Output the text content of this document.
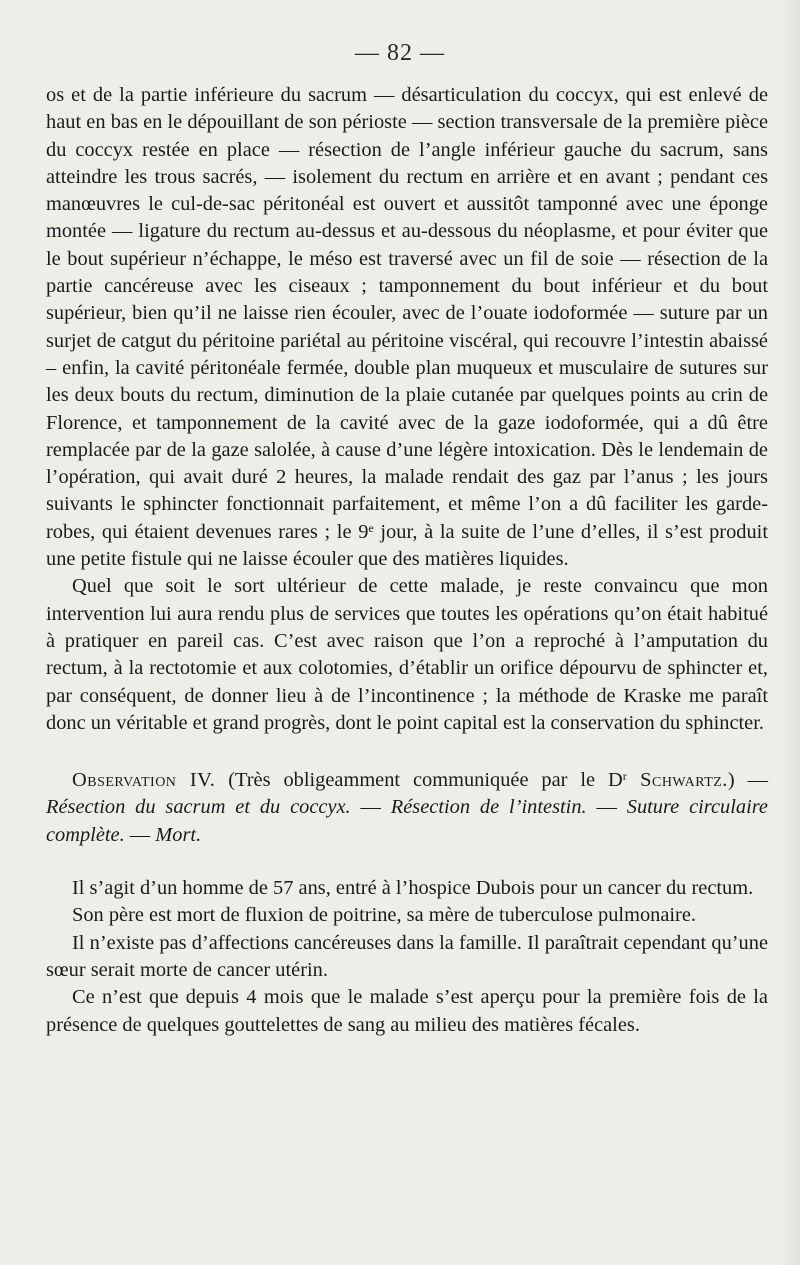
— 82 —

os et de la partie inférieure du sacrum — désarticulation du coccyx, qui est enlevé de haut en bas en le dépouillant de son périoste — section transversale de la première pièce du coccyx restée en place — résection de l’angle inférieur gauche du sacrum, sans atteindre les trous sacrés, — isolement du rectum en arrière et en avant ; pendant ces manœuvres le cul-de-sac péritonéal est ouvert et aussitôt tamponné avec une éponge montée — ligature du rectum au-dessus et au-dessous du néoplasme, et pour éviter que le bout supérieur n’échappe, le méso est traversé avec un fil de soie — résection de la partie cancéreuse avec les ciseaux ; tamponnement du bout inférieur et du bout supérieur, bien qu’il ne laisse rien écouler, avec de l’ouate iodoformée — suture par un surjet de catgut du péritoine pariétal au péritoine viscéral, qui recouvre l’intestin abaissé – enfin, la cavité péritonéale fermée, double plan muqueux et musculaire de sutures sur les deux bouts du rectum, diminution de la plaie cutanée par quelques points au crin de Florence, et tamponnement de la cavité avec de la gaze iodoformée, qui a dû être remplacée par de la gaze salolée, à cause d’une légère intoxication. Dès le lendemain de l’opération, qui avait duré 2 heures, la malade rendait des gaz par l’anus ; les jours suivants le sphincter fonctionnait parfaitement, et même l’on a dû faciliter les garde-robes, qui étaient devenues rares ; le 9e jour, à la suite de l’une d’elles, il s’est produit une petite fistule qui ne laisse écouler que des matières liquides.

Quel que soit le sort ultérieur de cette malade, je reste convaincu que mon intervention lui aura rendu plus de services que toutes les opérations qu’on était habitué à pratiquer en pareil cas. C’est avec raison que l’on a reproché à l’amputation du rectum, à la rectotomie et aux colotomies, d’établir un orifice dépourvu de sphincter et, par conséquent, de donner lieu à de l’incontinence ; la méthode de Kraske me paraît donc un véritable et grand progrès, dont le point capital est la conservation du sphincter.

Observation IV. (Très obligeamment communiquée par le $D^r$ Schwartz.) — Résection du sacrum et du coccyx. — Résection de l’intestin. — Suture circulaire complète. — Mort.

Il s’agit d’un homme de 57 ans, entré à l’hospice Dubois pour un cancer du rectum.

Son père est mort de fluxion de poitrine, sa mère de tuberculose pulmonaire.

Il n’existe pas d’affections cancéreuses dans la famille. Il paraîtrait cependant qu’une sœur serait morte de cancer utérin.

Ce n’est que depuis 4 mois que le malade s’est aperçu pour la première fois de la présence de quelques gouttelettes de sang au milieu des matières fécales.
